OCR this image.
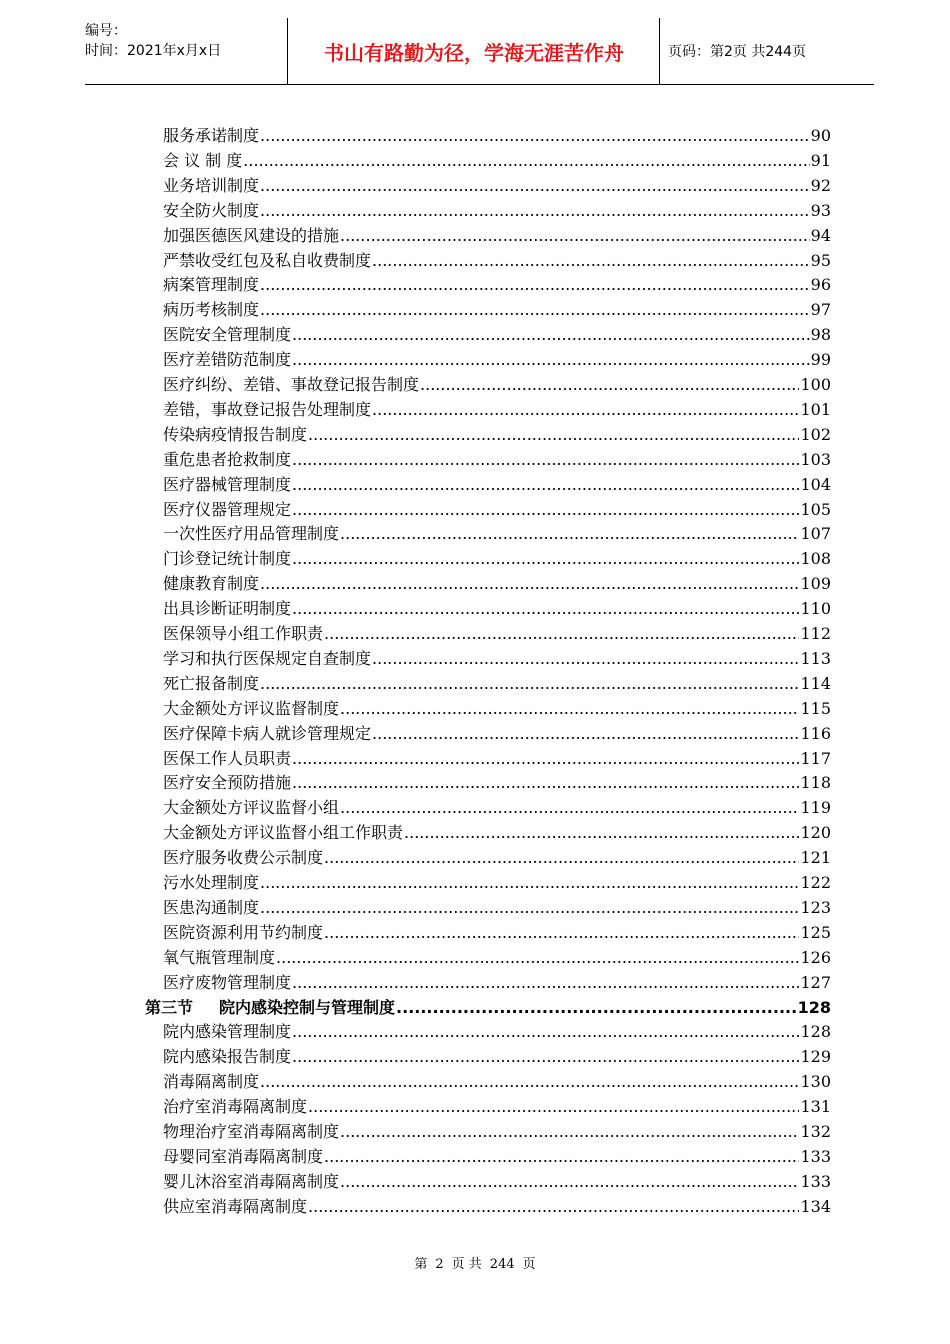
编号：
时间：2021年x月x日	书山有路勤为径，学海无涯苦作舟	页码：第2页 共244页
服务承诺制度 .....	90
会 议 制 度 .....	91
业务培训制度 .....	92
安全防火制度 .....	93
加强医德医风建设的措施 .....	94
严禁收受红包及私自收费制度 .....	95
病案管理制度 .....	96
病历考核制度 .....	97
医院安全管理制度 .....	98
医疗差错防范制度 .....	99
医疗纠纷、差错、事故登记报告制度 .....	100
差错，事故登记报告处理制度 .....	101
传染病疫情报告制度 .....	102
重危患者抢救制度 .....	103
医疗器械管理制度 .....	104
医疗仪器管理规定 .....	105
一次性医疗用品管理制度 .....	107
门诊登记统计制度 .....	108
健康教育制度 .....	109
出具诊断证明制度 .....	110
医保领导小组工作职责 .....	112
学习和执行医保规定自查制度 .....	113
死亡报备制度 .....	114
大金额处方评议监督制度 .....	115
医疗保障卡病人就诊管理规定 .....	116
医保工作人员职责 .....	117
医疗安全预防措施 .....	118
大金额处方评议监督小组 .....	119
大金额处方评议监督小组工作职责 .....	120
医疗服务收费公示制度 .....	121
污水处理制度 .....	122
医患沟通制度 .....	123
医院资源利用节约制度 .....	125
氧气瓶管理制度 .....	126
医疗废物管理制度 .....	127
第三节 院内感染控制与管理制度 .....	128
院内感染管理制度 .....	128
院内感染报告制度 .....	129
消毒隔离制度 .....	130
治疗室消毒隔离制度 .....	131
物理治疗室消毒隔离制度 .....	132
母婴同室消毒隔离制度 .....	133
婴儿沐浴室消毒隔离制度 .....	133
供应室消毒隔离制度 .....	134
第 2 页 共 244 页
